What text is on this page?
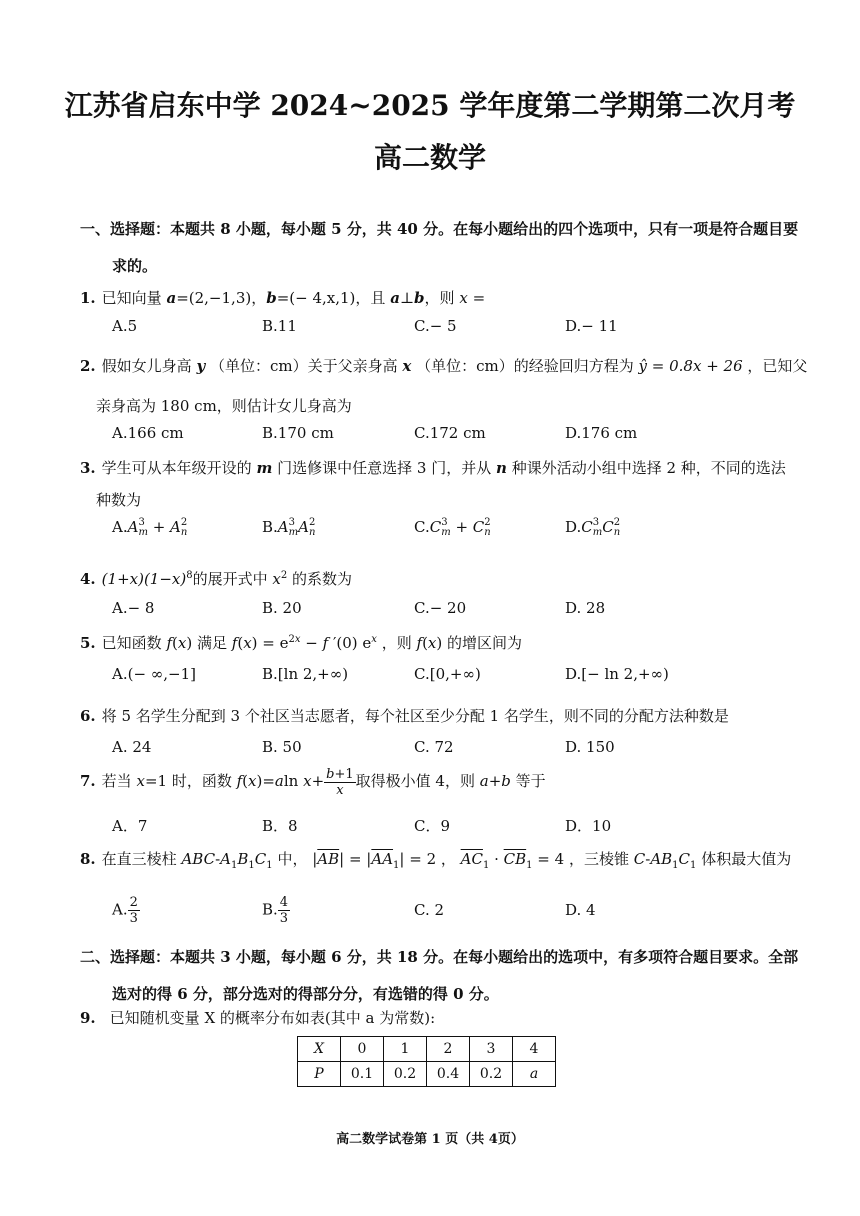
江苏省启东中学 2024~2025 学年度第二学期第二次月考
高二数学
一、选择题：本题共 8 小题，每小题 5 分，共 40 分。在每小题给出的四个选项中，只有一项是符合题目要
求的。
1. 已知向量 a=(2,−1,3)，b=(− 4,x,1)，且 a⊥b，则 x =
A.5	B.11	C.− 5	D.− 11
2. 假如女儿身高 y （单位：cm）关于父亲身高 x （单位：cm）的经验回归方程为 ŷ = 0.8x + 26 ，已知父
亲身高为 180 cm，则估计女儿身高为
A.166 cm	B.170 cm	C.172 cm	D.176 cm
3. 学生可从本年级开设的 m 门选修课中任意选择 3 门，并从 n 种课外活动小组中选择 2 种，不同的选法
种数为
A.A 3
m + A 2
n	B.A 3
m A 2
n	C.C 3
m + C 2
n	D.C 3
m C 2
n
4. $(1+x)(1-x)^8$的展开式中 $x^2$ 的系数为
A.− 8	B. 20	C.− 20	D. 28
5. 已知函数 f(x) 满足 $f(x) = e^{2x} - f$ ′(0) $e^x$ ，则 f(x) 的增区间为
A.(− ∞,−1]	B.[ln 2,+∞)	C.[0,+∞)	D.[− ln 2,+∞)
6. 将 5 名学生分配到 3 个社区当志愿者，每个社区至少分配 1 名学生，则不同的分配方法种数是
A. 24	B. 50	C. 72	D. 150
7. 若当 x=1 时，函数 f(x)=aln $x+ \frac{b+1}{x}$ 取得极小值 4，则 a+b 等于
A．7	B．8	C．9	D．10
8. 在直三棱柱 ABC-$A_1B_1C_1$ 中， $|\overline{AB}| = |\overline{AA}_1| = 2$ ， $\overline{AC}_1 \cdot \overline{CB}_1 = 4$ ，三棱锥 $C-AB_1C_1$ 体积最大值为
A. $\frac{2}{3}$	B. $\frac{4}{3}$	C. 2	D. 4
二、选择题：本题共 3 小题，每小题 6 分，共 18 分。在每小题给出的选项中，有多项符合题目要求。全部
选对的得 6 分，部分选对的得部分分，有选错的得 0 分。
9. 已知随机变量 X 的概率分布如表(其中 a 为常数):
X	0	1	2	3	4
P	0.1	0.2	0.4	0.2	a
高二数学试卷第 1 页（共 4页）
